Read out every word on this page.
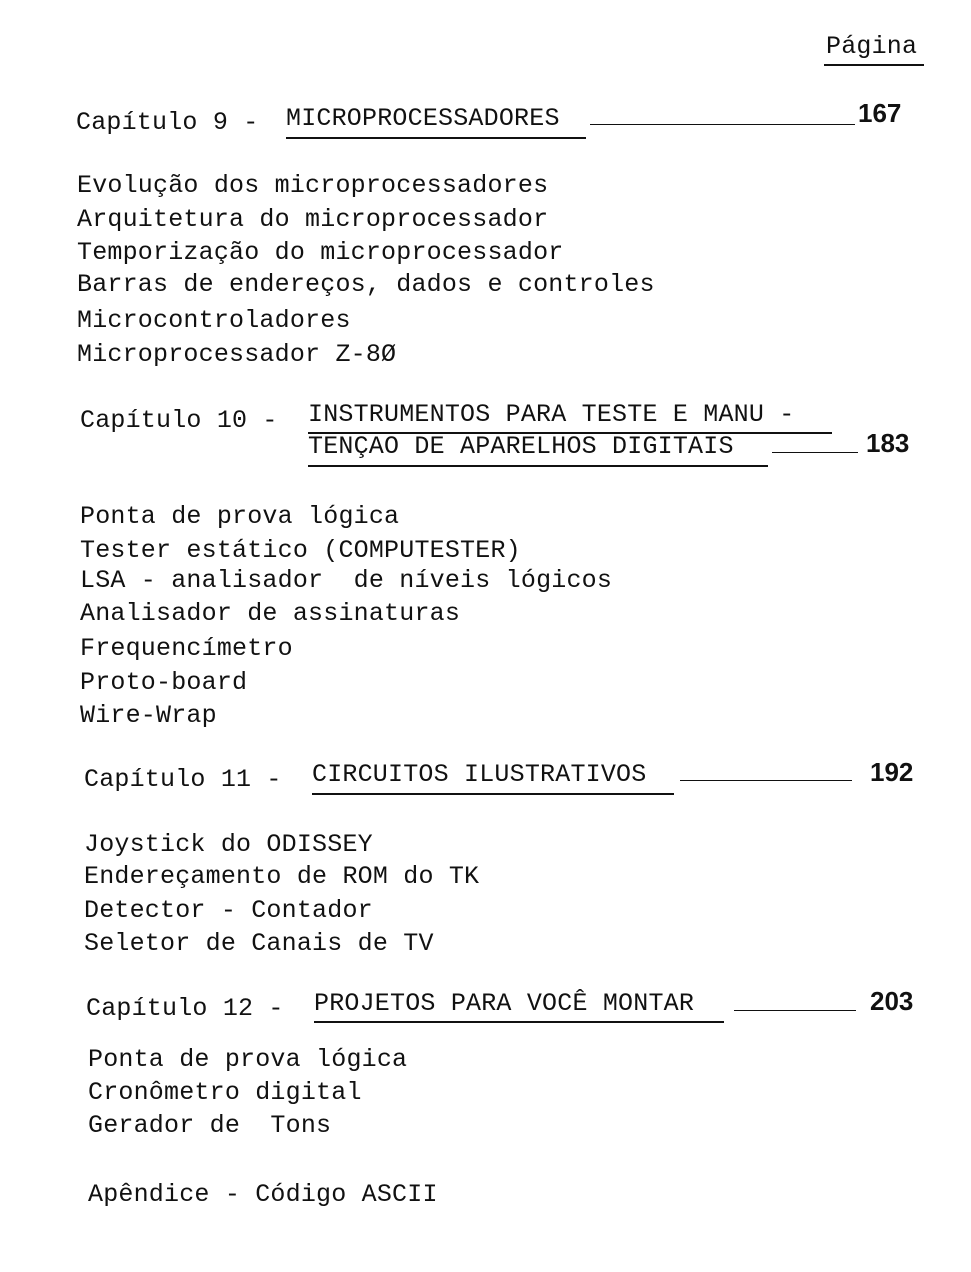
Página
Capítulo 9 - MICROPROCESSADORES	167
Evolução dos microprocessadores
Arquitetura do microprocessador
Temporização do microprocessador
Barras de endereços, dados e controles
Microcontroladores
Microprocessador Z-8Ø
Capítulo 10 - INSTRUMENTOS PARA TESTE E MANU -
TENÇAO DE APARELHOS DIGITAIS	183
Ponta de prova lógica
Tester estático (COMPUTESTER)
LSA - analisador  de níveis lógicos
Analisador de assinaturas
Frequencímetro
Proto-board
Wire-Wrap
Capítulo 11 - CIRCUITOS ILUSTRATIVOS	192
Joystick do ODISSEY
Endereçamento de ROM do TK
Detector - Contador
Seletor de Canais de TV
Capítulo 12 - PROJETOS PARA VOCÊ MONTAR	203
Ponta de prova lógica
Cronômetro digital
Gerador de  Tons
Apêndice - Código ASCII
